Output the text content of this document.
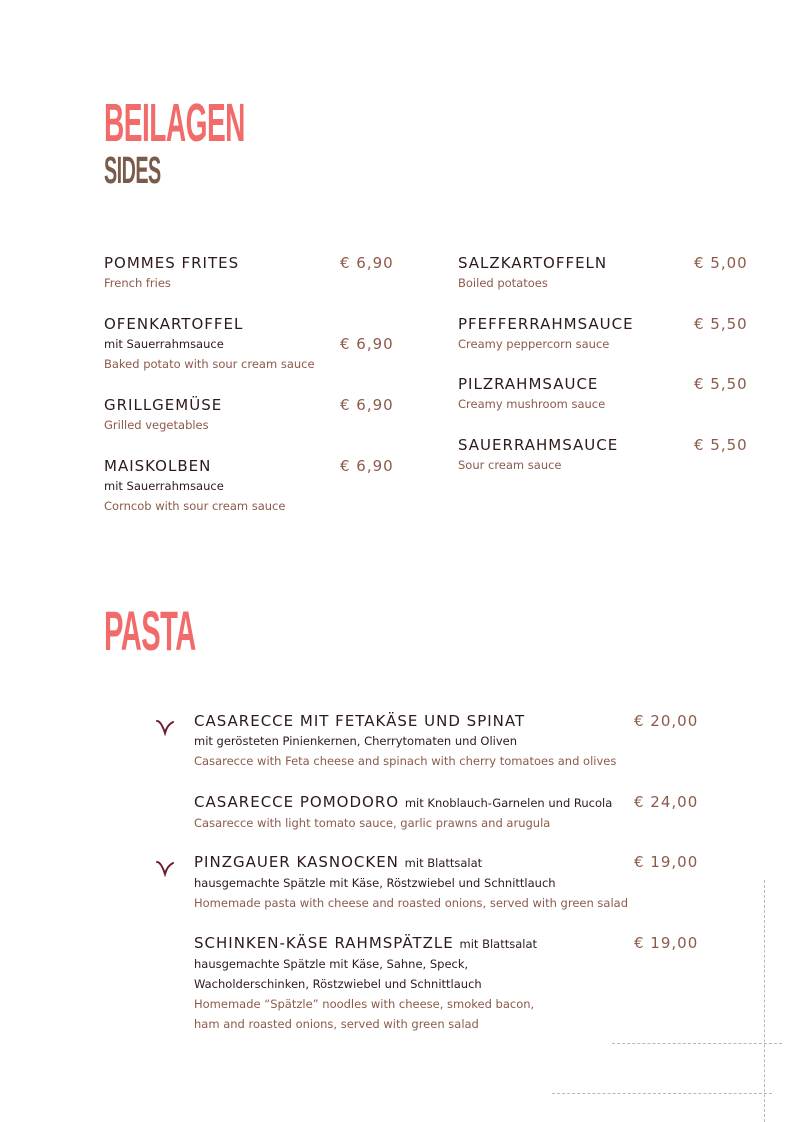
BEILAGEN
SIDES
POMMES FRITES
French fries
€ 6,90
OFENKARTOFFEL
mit Sauerrahmsauce
Baked potato with sour cream sauce
€ 6,90
GRILLGEMÜSE
Grilled vegetables
€ 6,90
MAISKOLBEN
mit Sauerrahmsauce
Corncob with sour cream sauce
€ 6,90
SALZKARTOFFELN
Boiled potatoes
€ 5,00
PFEFFERRAHMSAUCE
Creamy peppercorn sauce
€ 5,50
PILZRAHMSAUCE
Creamy mushroom sauce
€ 5,50
SAUERRAHMSAUCE
Sour cream sauce
€ 5,50
PASTA
CASARECCE MIT FETAKÄSE UND SPINAT
mit gerösteten Pinienkernen, Cherrytomaten und Oliven
Casarecce with Feta cheese and spinach with cherry tomatoes and olives
€ 20,00
CASARECCE POMODORO mit Knoblauch-Garnelen und Rucola
Casarecce with light tomato sauce, garlic prawns and arugula
€ 24,00
PINZGAUER KASNOCKEN mit Blattsalat
hausgemachte Spätzle mit Käse, Röstzwiebel und Schnittlauch
Homemade pasta with cheese and roasted onions, served with green salad
€ 19,00
SCHINKEN-KÄSE RAHMSPÄTZLE mit Blattsalat
hausgemachte Spätzle mit Käse, Sahne, Speck,
Wacholderschinken, Röstzwiebel und Schnittlauch
Homemade “Spätzle” noodles with cheese, smoked bacon,
ham and roasted onions, served with green salad
€ 19,00
